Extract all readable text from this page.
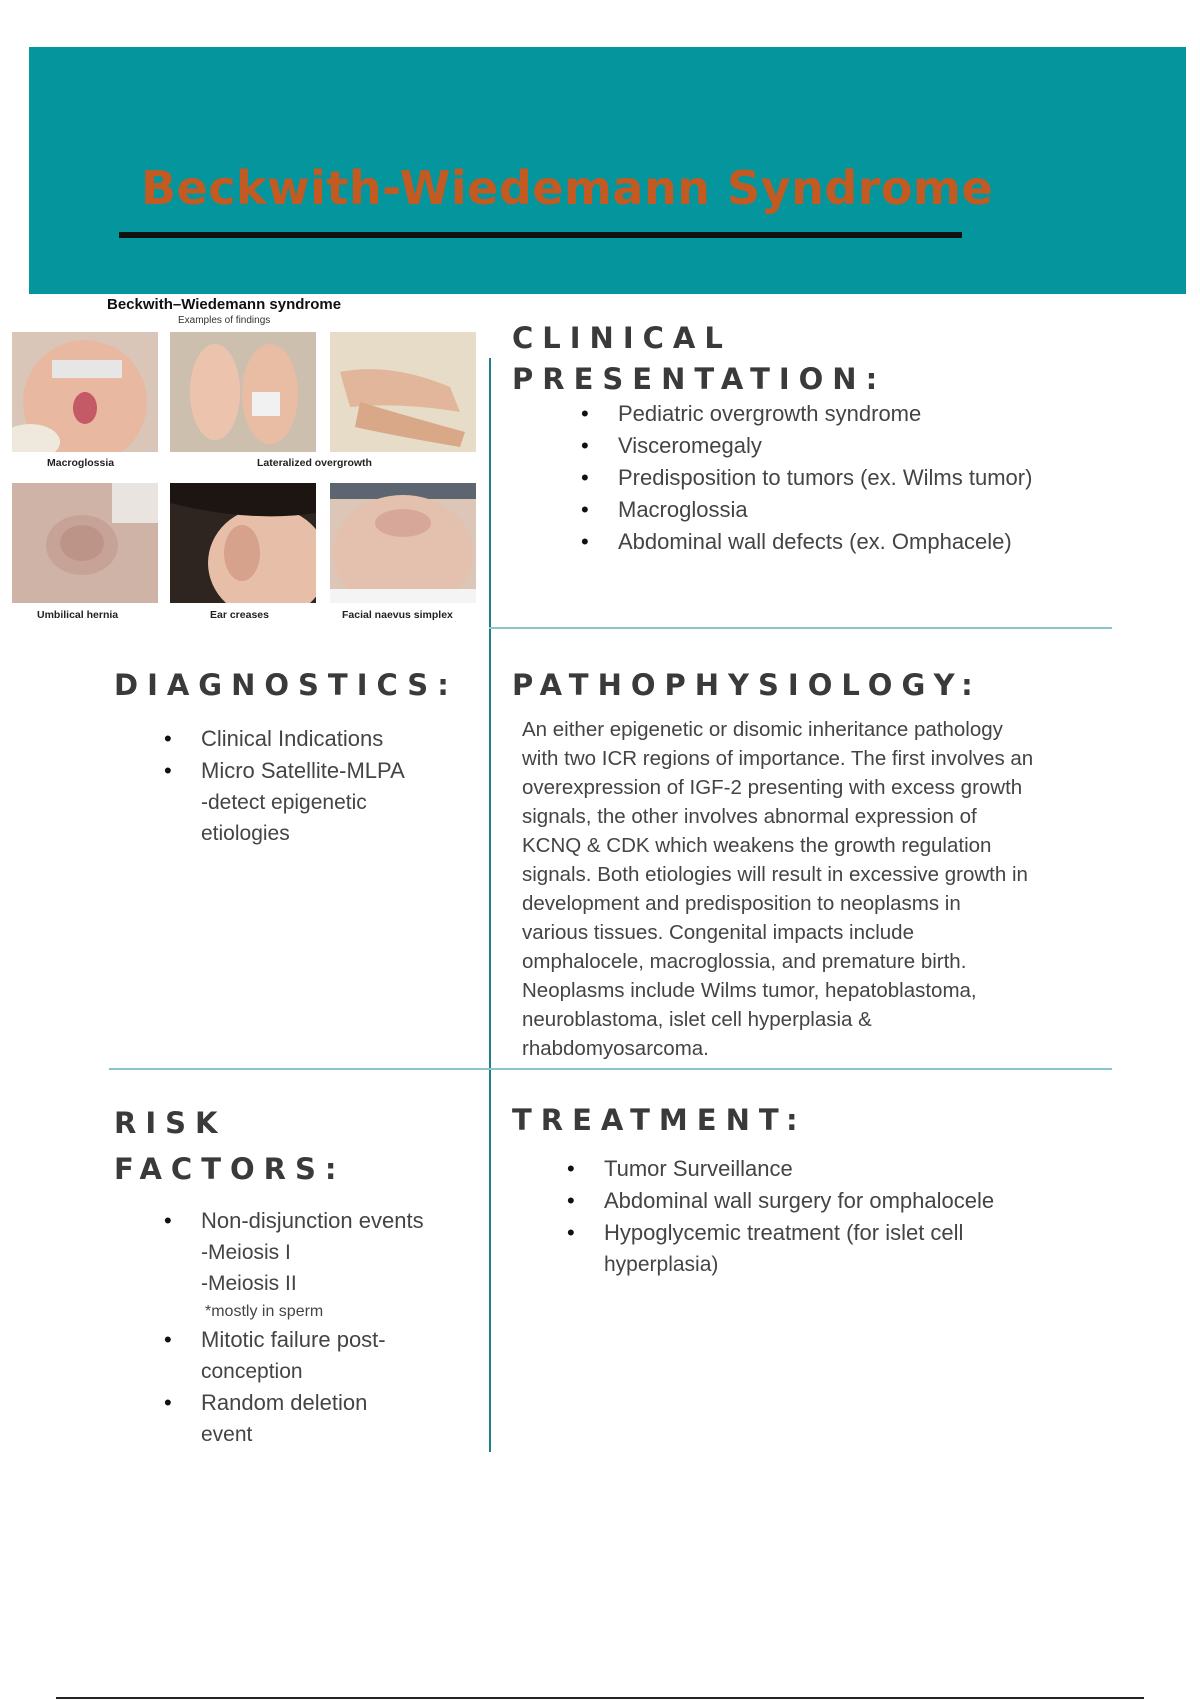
Beckwith-Wiedemann Syndrome
Beckwith–Wiedemann syndrome
Examples of findings
Macroglossia	Lateralized overgrowth
Umbilical hernia	Ear creases	Facial naevus simplex
CLINICAL
PRESENTATION:
• Pediatric overgrowth syndrome
• Visceromegaly
• Predisposition to tumors (ex. Wilms tumor)
• Macroglossia
• Abdominal wall defects (ex. Omphacele)
DIAGNOSTICS:
• Clinical Indications
• Micro Satellite-MLPA
-detect epigenetic
etiologies
PATHOPHYSIOLOGY:
An either epigenetic or disomic inheritance pathology
with two ICR regions of importance. The first involves an
overexpression of IGF-2 presenting with excess growth
signals, the other involves abnormal expression of
KCNQ & CDK which weakens the growth regulation
signals. Both etiologies will result in excessive growth in
development and predisposition to neoplasms in
various tissues. Congenital impacts include
omphalocele, macroglossia, and premature birth.
Neoplasms include Wilms tumor, hepatoblastoma,
neuroblastoma, islet cell hyperplasia &
rhabdomyosarcoma.
RISK
FACTORS:
• Non-disjunction events
-Meiosis I
-Meiosis II
*mostly in sperm
• Mitotic failure post-
conception
• Random deletion
event
TREATMENT:
• Tumor Surveillance
• Abdominal wall surgery for omphalocele
• Hypoglycemic treatment (for islet cell
hyperplasia)
